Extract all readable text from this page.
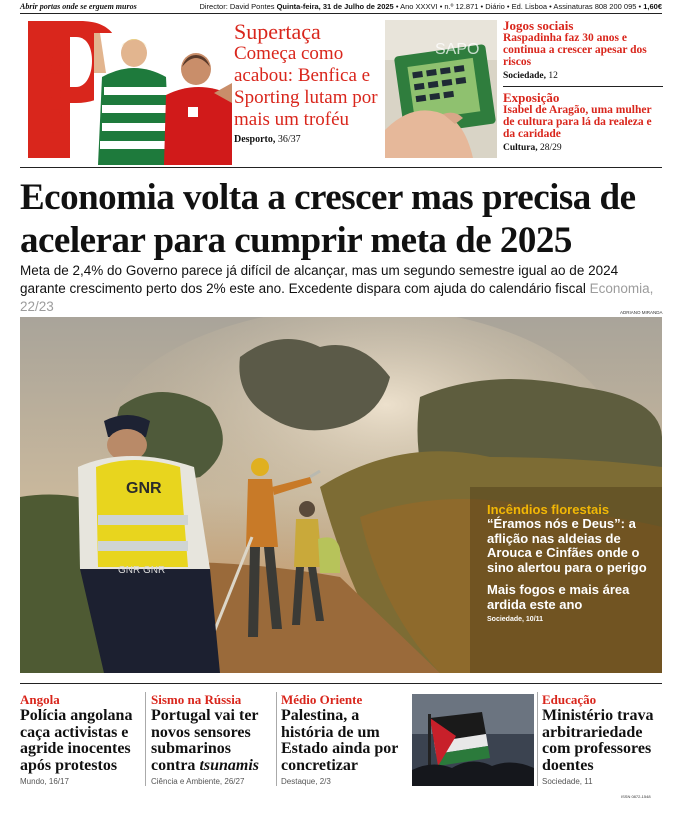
Abrir portas onde se erguem muros	Director: David Pontes Quinta-feira, 31 de Julho de 2025 • Ano XXXVI • n.º 12.871 • Diário • Ed. Lisboa • Assinaturas 808 200 095 • 1,60€
Público
Supertaça
Começa como acabou: Benfica e Sporting lutam por mais um troféu
Desporto, 36/37
SAPO
Jogos sociais
Raspadinha faz 30 anos e continua a crescer apesar dos riscos
Sociedade, 12
Exposição
Isabel de Aragão, uma mulher de cultura para lá da realeza e da caridade
Cultura, 28/29
Economia volta a crescer mas precisa de acelerar para cumprir meta de 2025
Meta de 2,4% do Governo parece já difícil de alcançar, mas um segundo semestre igual ao de 2024 garante crescimento perto dos 2% este ano. Excedente dispara com ajuda do calendário fiscal Economia, 22/23	ADRIANO MIRANDA
GNR
GNR GNR
Incêndios florestais
“Éramos nós e Deus”: a aflição nas aldeias de Arouca e Cinfães onde o sino alertou para o perigo
Mais fogos e mais área ardida este ano
Sociedade, 10/11
Angola
Polícia angolana caça activistas e agride inocentes após protestos
Mundo, 16/17
Sismo na Rússia
Portugal vai ter novos sensores submarinos contra tsunamis
Ciência e Ambiente, 26/27
Médio Oriente
Palestina, a história de um Estado ainda por concretizar
Destaque, 2/3
Educação
Ministério trava arbitrariedade com professores doentes
Sociedade, 11
ISSN 0872-1548
